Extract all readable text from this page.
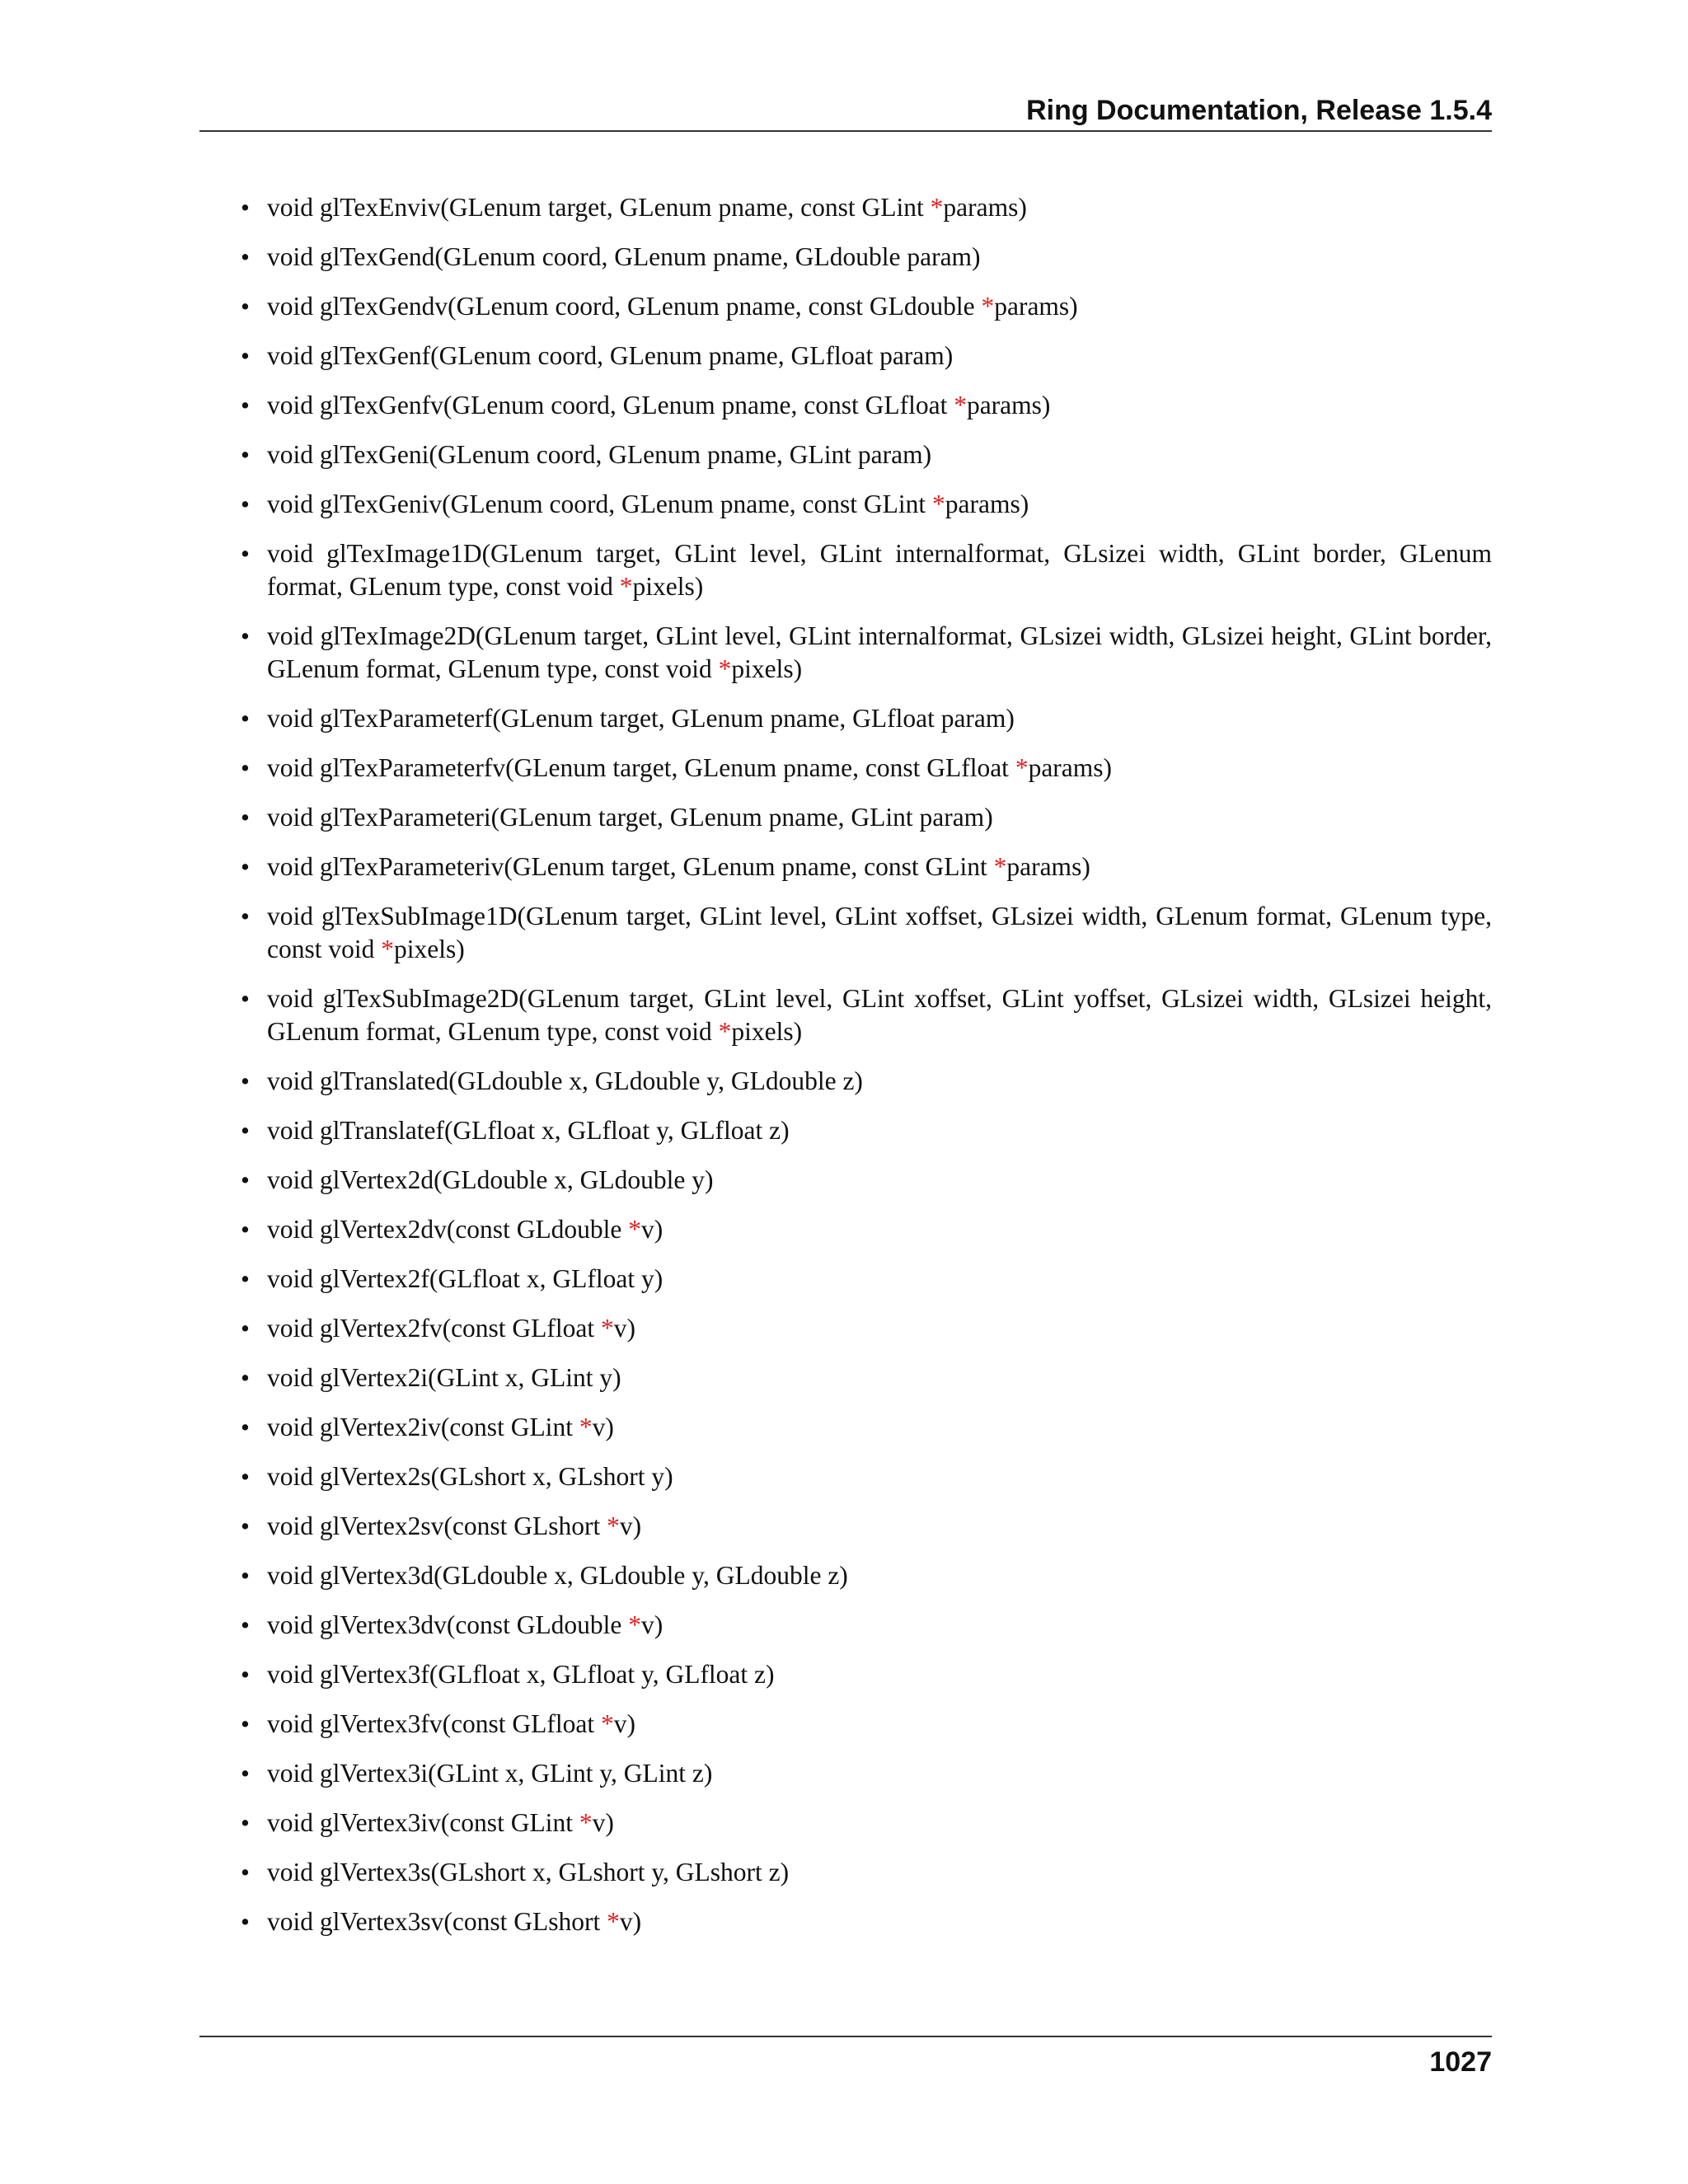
Ring Documentation, Release 1.5.4
• void glTexEnviv(GLenum target, GLenum pname, const GLint *params)
• void glTexGend(GLenum coord, GLenum pname, GLdouble param)
• void glTexGendv(GLenum coord, GLenum pname, const GLdouble *params)
• void glTexGenf(GLenum coord, GLenum pname, GLfloat param)
• void glTexGenfv(GLenum coord, GLenum pname, const GLfloat *params)
• void glTexGeni(GLenum coord, GLenum pname, GLint param)
• void glTexGeniv(GLenum coord, GLenum pname, const GLint *params)
• void glTexImage1D(GLenum target, GLint level, GLint internalformat, GLsizei width, GLint border, GLenum format, GLenum type, const void *pixels)
• void glTexImage2D(GLenum target, GLint level, GLint internalformat, GLsizei width, GLsizei height, GLint border, GLenum format, GLenum type, const void *pixels)
• void glTexParameterf(GLenum target, GLenum pname, GLfloat param)
• void glTexParameterfv(GLenum target, GLenum pname, const GLfloat *params)
• void glTexParameteri(GLenum target, GLenum pname, GLint param)
• void glTexParameteriv(GLenum target, GLenum pname, const GLint *params)
• void glTexSubImage1D(GLenum target, GLint level, GLint xoffset, GLsizei width, GLenum format, GLenum type, const void *pixels)
• void glTexSubImage2D(GLenum target, GLint level, GLint xoffset, GLint yoffset, GLsizei width, GLsizei height, GLenum format, GLenum type, const void *pixels)
• void glTranslated(GLdouble x, GLdouble y, GLdouble z)
• void glTranslatef(GLfloat x, GLfloat y, GLfloat z)
• void glVertex2d(GLdouble x, GLdouble y)
• void glVertex2dv(const GLdouble *v)
• void glVertex2f(GLfloat x, GLfloat y)
• void glVertex2fv(const GLfloat *v)
• void glVertex2i(GLint x, GLint y)
• void glVertex2iv(const GLint *v)
• void glVertex2s(GLshort x, GLshort y)
• void glVertex2sv(const GLshort *v)
• void glVertex3d(GLdouble x, GLdouble y, GLdouble z)
• void glVertex3dv(const GLdouble *v)
• void glVertex3f(GLfloat x, GLfloat y, GLfloat z)
• void glVertex3fv(const GLfloat *v)
• void glVertex3i(GLint x, GLint y, GLint z)
• void glVertex3iv(const GLint *v)
• void glVertex3s(GLshort x, GLshort y, GLshort z)
• void glVertex3sv(const GLshort *v)
1027
